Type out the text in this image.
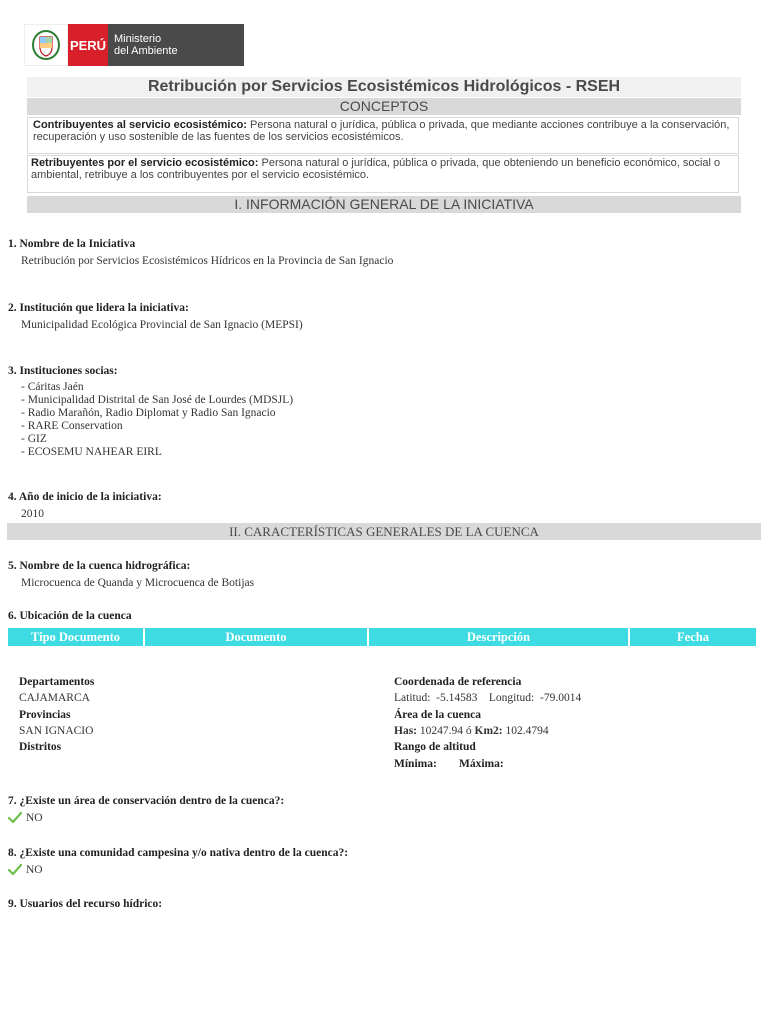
PERÚ Ministerio
del Ambiente
Retribución por Servicios Ecosistémicos Hidrológicos - RSEH
CONCEPTOS
Contribuyentes al servicio ecosistémico: Persona natural o jurídica, pública o privada, que mediante acciones contribuye a la conservación, recuperación y uso sostenible de las fuentes de los servicios ecosistémicos.
Retribuyentes por el servicio ecosistémico: Persona natural o jurídica, pública o privada, que obteniendo un beneficio económico, social o ambiental, retribuye a los contribuyentes por el servicio ecosistémico.
I. INFORMACIÓN GENERAL DE LA INICIATIVA
1. Nombre de la Iniciativa
Retribución por Servicios Ecosistémicos Hídricos en la Provincia de San Ignacio
2. Institución que lidera la iniciativa:
Municipalidad Ecológica Provincial de San Ignacio (MEPSI)
3. Instituciones socias:
- Cáritas Jaén
- Municipalidad Distrital de San José de Lourdes (MDSJL)
- Radio Marañón, Radio Diplomat y Radio San Ignacio
- RARE Conservation
- GIZ
- ECOSEMU NAHEAR EIRL
4. Año de inicio de la iniciativa:
2010
II. CARACTERÍSTICAS GENERALES DE LA CUENCA
5. Nombre de la cuenca hidrográfica:
Microcuenca de Quanda y Microcuenca de Botijas
6. Ubicación de la cuenca
Tipo Documento	Documento	Descripción	Fecha
Departamentos
CAJAMARCA
Provincias
SAN IGNACIO
Distritos
Coordenada de referencia
Latitud: -5.14583 Longitud: -79.0014
Área de la cuenca
Has: 10247.94 ó Km2: 102.4794
Rango de altitud
Mínima: Máxima:
7. ¿Existe un área de conservación dentro de la cuenca?:
NO
8. ¿Existe una comunidad campesina y/o nativa dentro de la cuenca?:
NO
9. Usuarios del recurso hídrico:
